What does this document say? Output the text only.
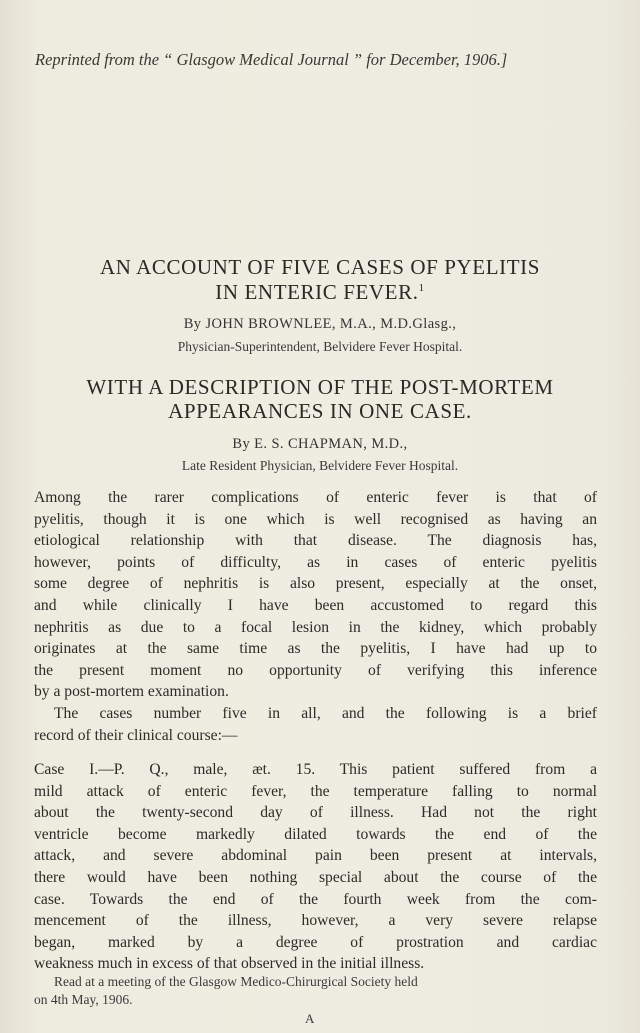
Reprinted from the “ Glasgow Medical Journal ” for December, 1906.]
AN ACCOUNT OF FIVE CASES OF PYELITIS
IN ENTERIC FEVER.$^1$
By JOHN BROWNLEE, M.A., M.D.Glasg.,
Physician-Superintendent, Belvidere Fever Hospital.
WITH A DESCRIPTION OF THE POST-MORTEM
APPEARANCES IN ONE CASE.
By E. S. CHAPMAN, M.D.,
Late Resident Physician, Belvidere Fever Hospital.
Among the rarer complications of enteric fever is that of
pyelitis, though it is one which is well recognised as having an
etiological relationship with that disease. The diagnosis has,
however, points of difficulty, as in cases of enteric pyelitis
some degree of nephritis is also present, especially at the onset,
and while clinically I have been accustomed to regard this
nephritis as due to a focal lesion in the kidney, which probably
originates at the same time as the pyelitis, I have had up to
the present moment no opportunity of verifying this inference
by a post-mortem examination.
The cases number five in all, and the following is a brief
record of their clinical course:—
Case I.—P. Q., male, æt. 15. This patient suffered from a
mild attack of enteric fever, the temperature falling to normal
about the twenty-second day of illness. Had not the right
ventricle become markedly dilated towards the end of the
attack, and severe abdominal pain been present at intervals,
there would have been nothing special about the course of the
case. Towards the end of the fourth week from the com-
mencement of the illness, however, a very severe relapse
began, marked by a degree of prostration and cardiac
weakness much in excess of that observed in the initial illness.
Read at a meeting of the Glasgow Medico-Chirurgical Society held
on 4th May, 1906.
A
